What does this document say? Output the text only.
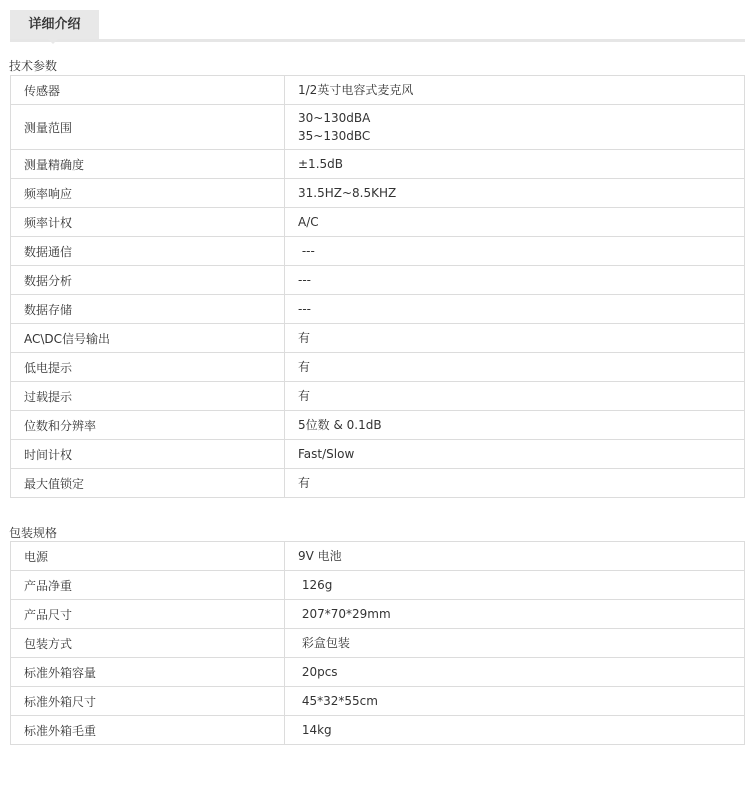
详细介绍
技术参数
传感器	1/2英寸电容式麦克风

测量范围	30~130dBA
35~130dBC

测量精确度	±1.5dB

频率响应	31.5HZ~8.5KHZ

频率计权	A/C

数据通信	---

数据分析	---

数据存储	---

AC\DC信号输出	有

低电提示	有

过载提示	有

位数和分辨率	5位数 & 0.1dB

时间计权	Fast/Slow

最大值锁定	有
包装规格
电源	9V 电池

产品净重	126g

产品尺寸	207*70*29mm

包装方式	彩盒包装

标准外箱容量	20pcs

标准外箱尺寸	45*32*55cm

标准外箱毛重	14kg
